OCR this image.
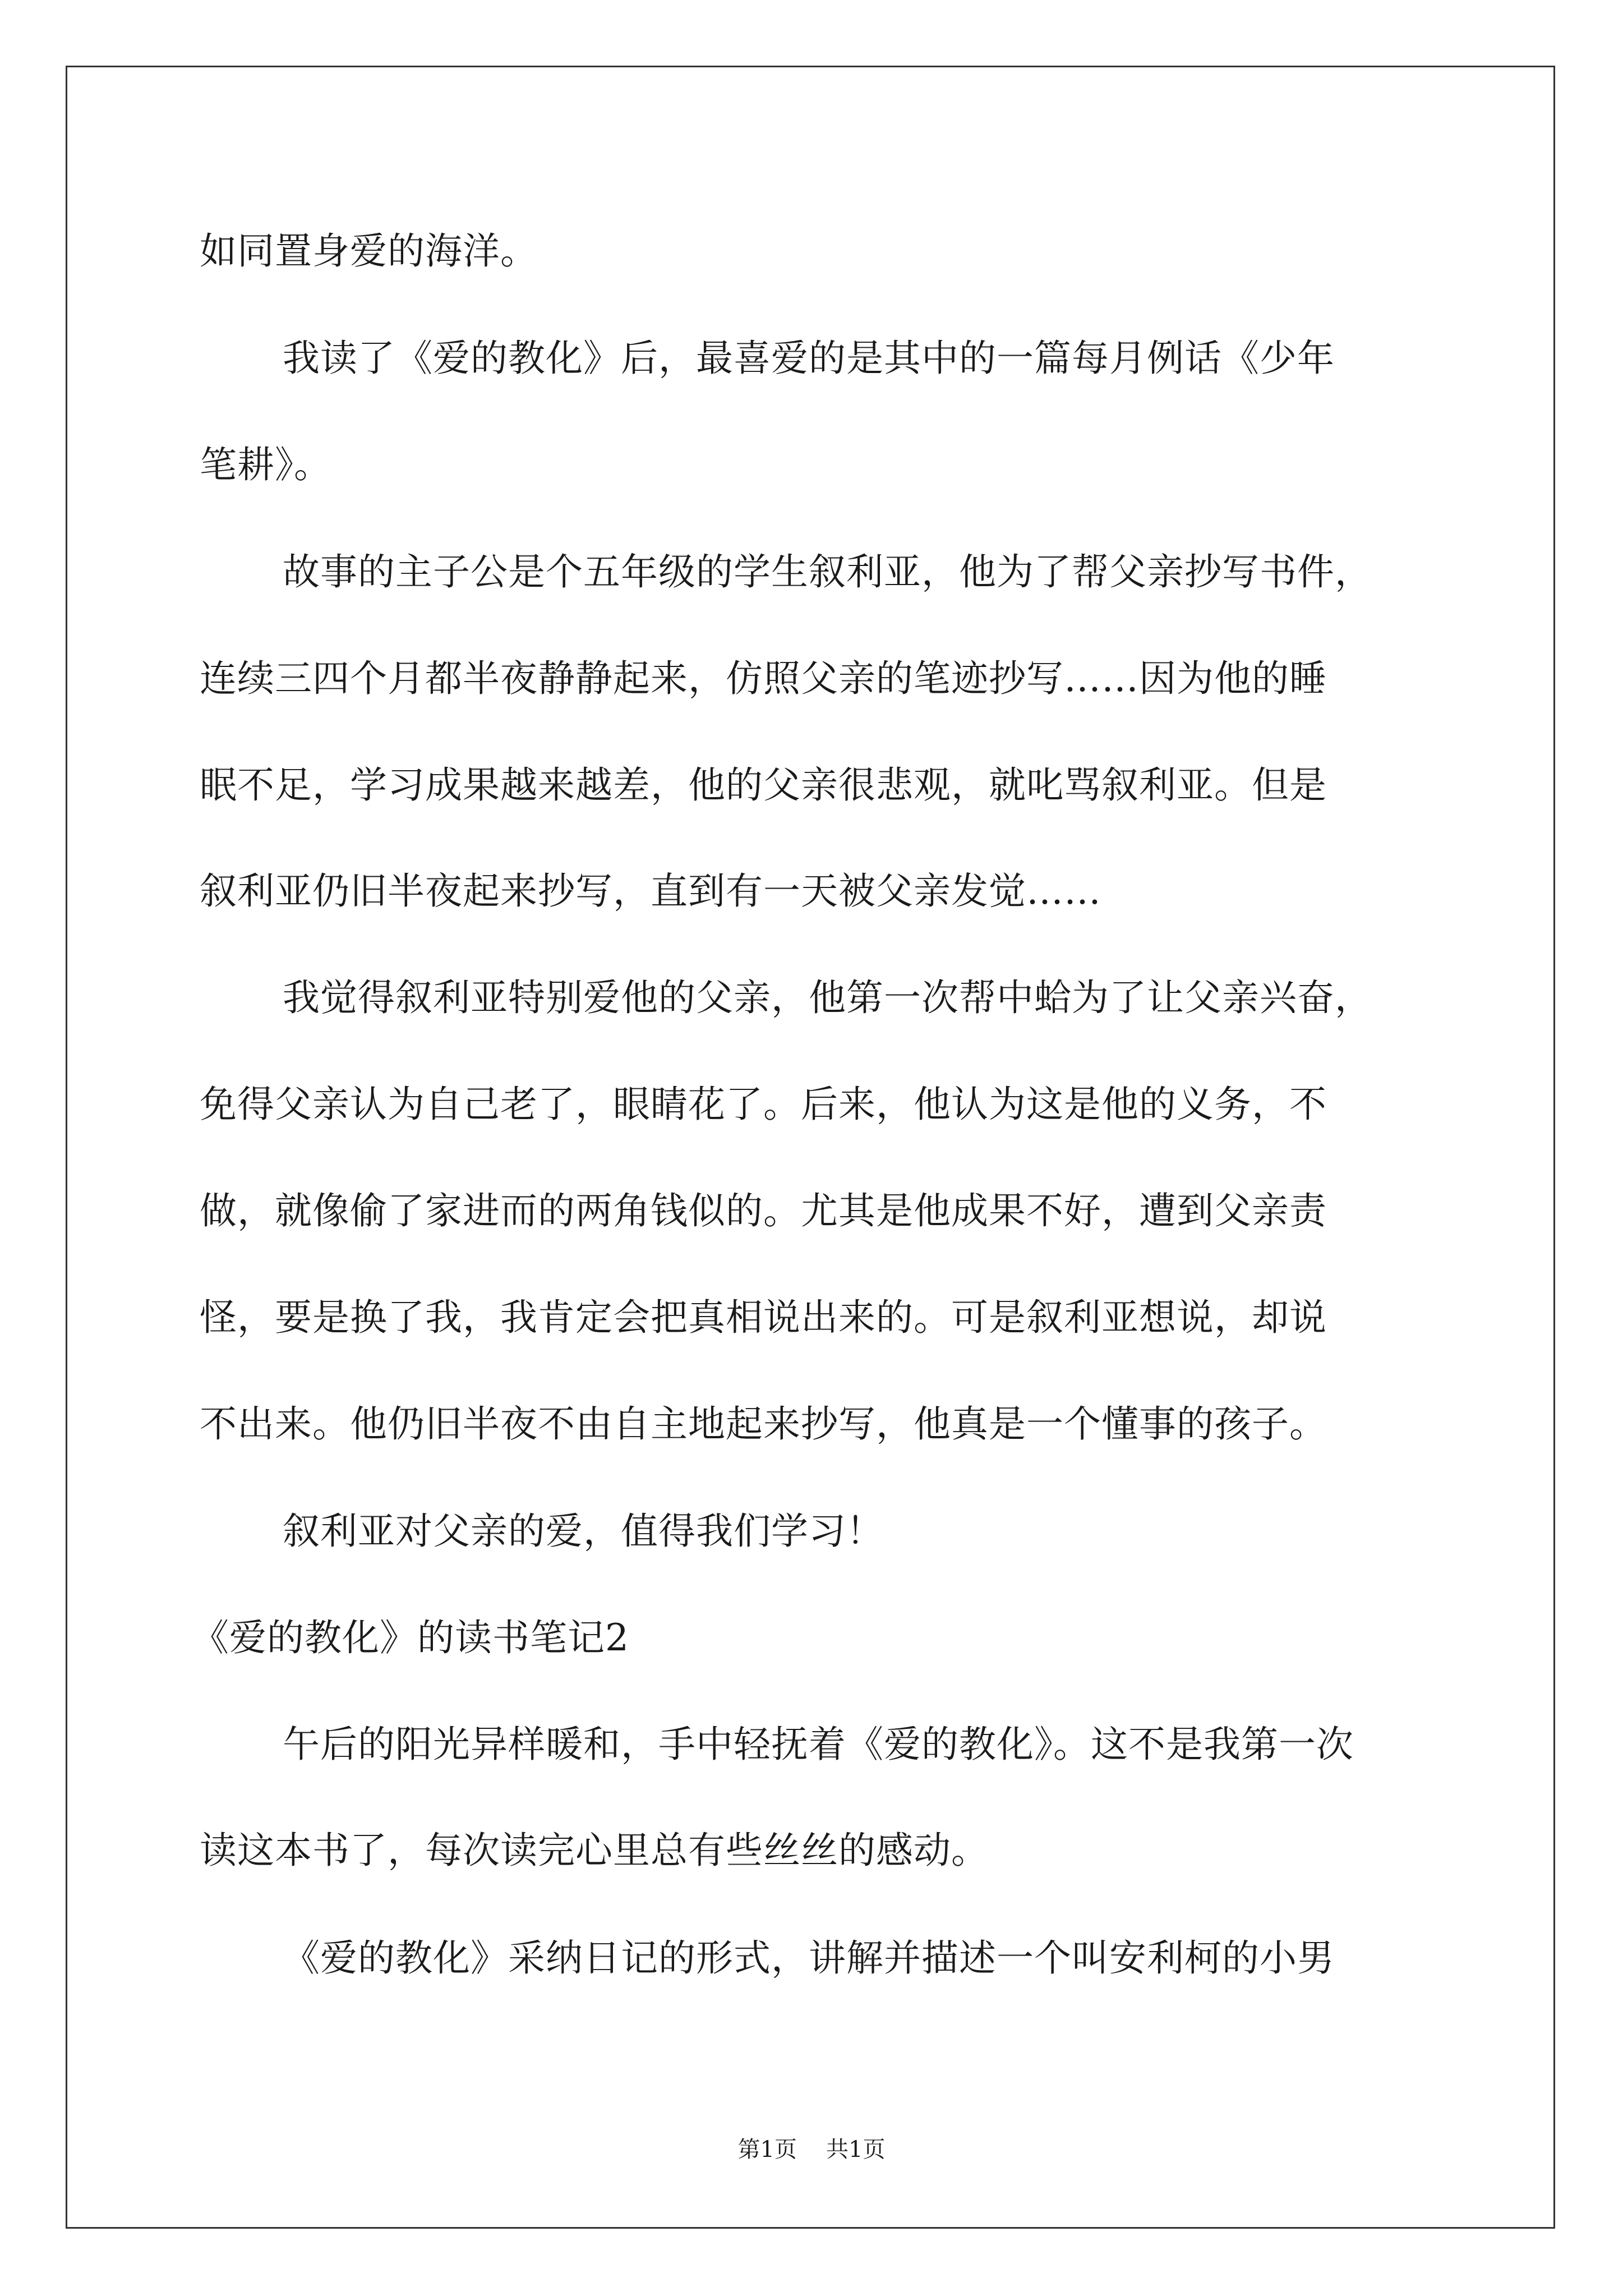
如同置身爱的海洋。
我读了《爱的教化》后，最喜爱的是其中的一篇每月例话《少年
笔耕》。
故事的主子公是个五年级的学生叙利亚，他为了帮父亲抄写书件，
连续三四个月都半夜静静起来，仿照父亲的笔迹抄写……因为他的睡
眠不足，学习成果越来越差，他的父亲很悲观，就叱骂叙利亚。但是
叙利亚仍旧半夜起来抄写，直到有一天被父亲发觉……
我觉得叙利亚特别爱他的父亲，他第一次帮中蛤为了让父亲兴奋，
免得父亲认为自己老了，眼睛花了。后来，他认为这是他的义务，不
做，就像偷了家进而的两角钱似的。尤其是他成果不好，遭到父亲责
怪，要是换了我，我肯定会把真相说出来的。可是叙利亚想说，却说
不出来。他仍旧半夜不由自主地起来抄写，他真是一个懂事的孩子。
叙利亚对父亲的爱，值得我们学习！
《爱的教化》的读书笔记2
午后的阳光异样暖和，手中轻抚着《爱的教化》。这不是我第一次
读这本书了，每次读完心里总有些丝丝的感动。
《爱的教化》采纳日记的形式，讲解并描述一个叫安利柯的小男
第1页 共1页
